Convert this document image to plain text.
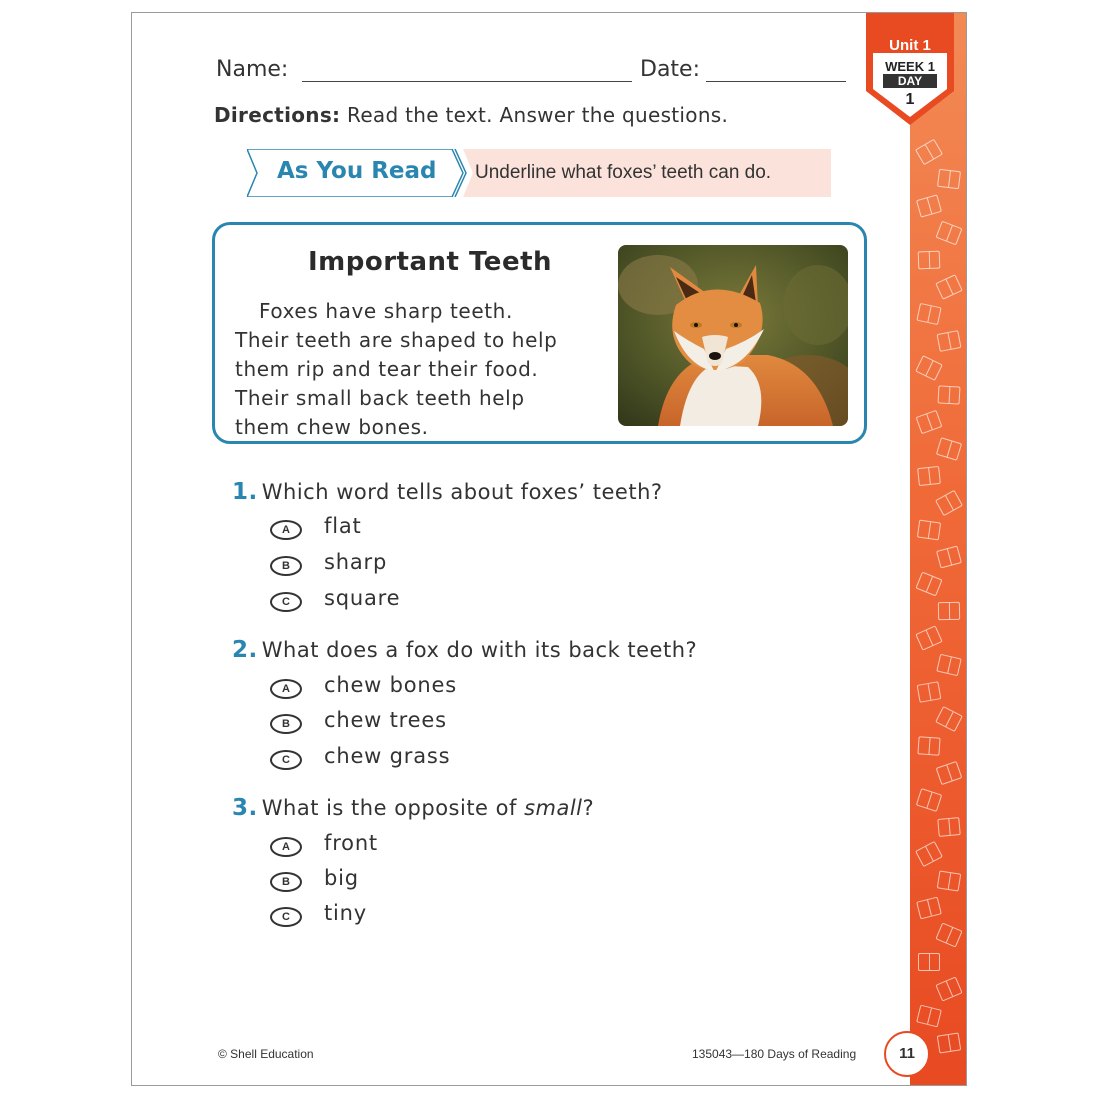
Unit 1
WEEK 1
DAY
1
Name:	Date:
Directions: Read the text. Answer the questions.
As You Read Underline what foxes’ teeth can do.
Important Teeth

Foxes have sharp teeth.

Their teeth are shaped to help

them rip and tear their food.

Their small back teeth help

them chew bones.

1. Which word tells about foxes’ teeth?
A	flat
B	sharp
C	square
2. What does a fox do with its back teeth?
A	chew bones
B	chew trees
C	chew grass
3. What is the opposite of small?
A	front
B	big
C	tiny
© Shell Education	135043—180 Days of Reading	11
